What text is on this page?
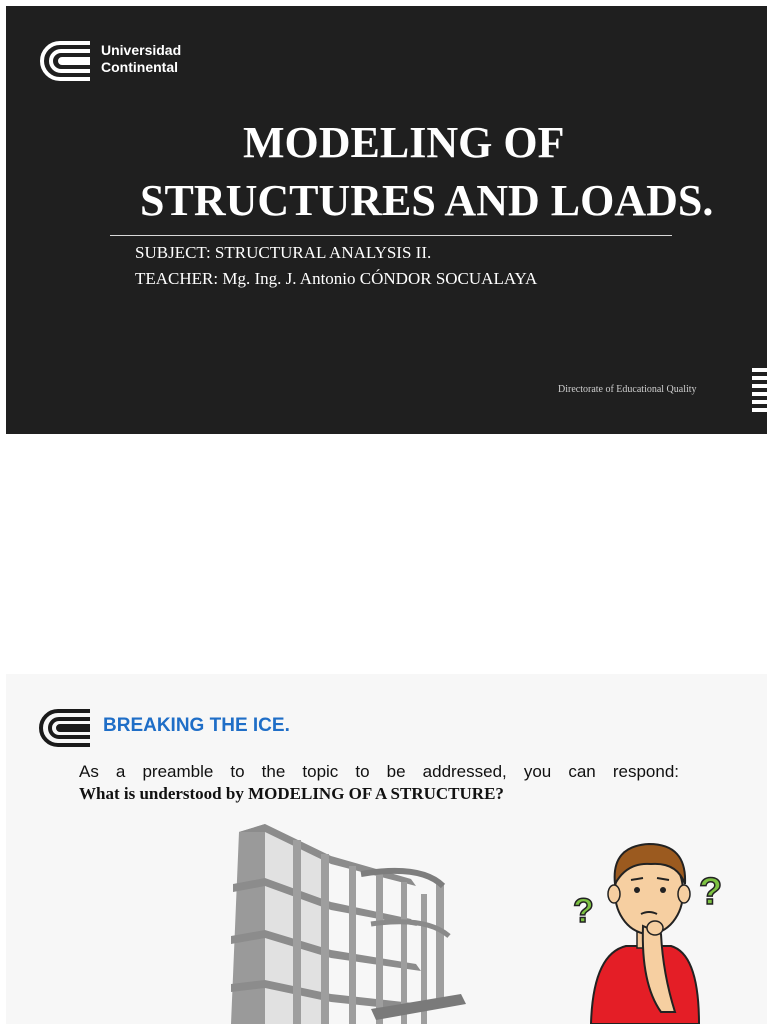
Universidad
Continental
MODELING OF
STRUCTURES AND LOADS.
SUBJECT: STRUCTURAL ANALYSIS II.
TEACHER: Mg. Ing. J. Antonio CÓNDOR SOCUALAYA
Directorate of Educational Quality
BREAKING THE ICE.
As a preamble to the topic to be addressed, you can respond:
What is understood by MODELING OF A STRUCTURE?
?	?
